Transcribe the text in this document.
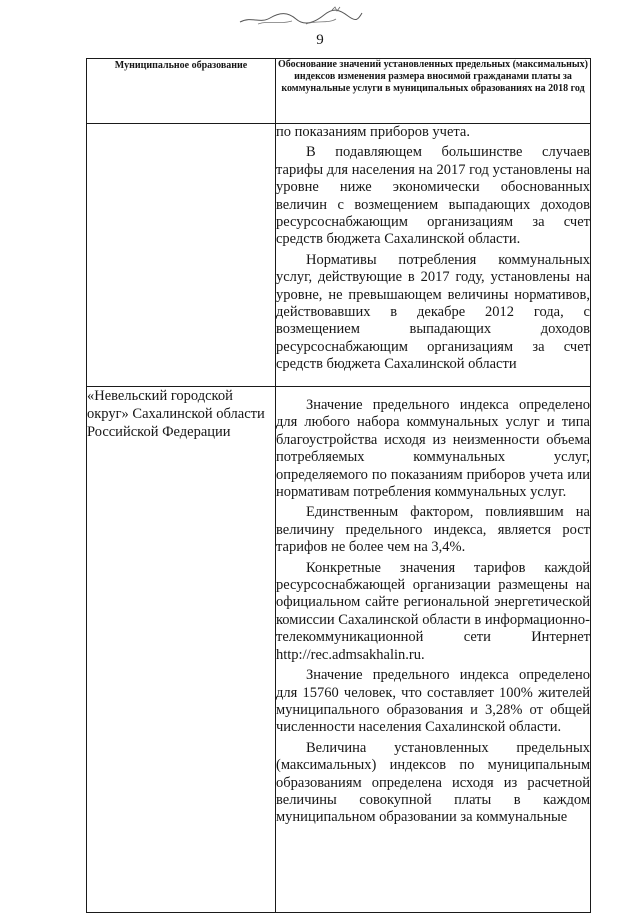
9
Муниципальное образование	Обоснование значений установленных предельных (максимальных) индексов изменения размера вносимой гражданами платы за коммунальные услуги в муниципальных образованиях на 2018 год

	по показаниям приборов учета.

В подавляющем большинстве случаев тарифы для населения на 2017 год установлены на уровне ниже экономически обоснованных величин с возмещением выпадающих доходов ресурсоснабжающим организациям за счет средств бюджета Сахалинской области.

Нормативы потребления коммунальных услуг, действующие в 2017 году, установлены на уровне, не превышающем величины нормативов, действовавших в декабре 2012 года, с возмещением выпадающих доходов ресурсоснабжающим организациям за счет средств бюджета Сахалинской области

«Невельский городской округ» Сахалинской области Российской Федерации	Значение предельного индекса определено для любого набора коммунальных услуг и типа благоустройства исходя из неизменности объема потребляемых коммунальных услуг, определяемого по показаниям приборов учета или нормативам потребления коммунальных услуг.

Единственным фактором, повлиявшим на величину предельного индекса, является рост тарифов не более чем на 3,4%.

Конкретные значения тарифов каждой ресурсоснабжающей организации размещены на официальном сайте региональной энергетической комиссии Сахалинской области в информационно-телекоммуникационной сети Интернет http://rec.admsakhalin.ru.

Значение предельного индекса определено для 15760 человек, что составляет 100% жителей муниципального образования и 3,28% от общей численности населения Сахалинской области.

Величина установленных предельных (максимальных) индексов по муниципальным образованиям определена исходя из расчетной величины совокупной платы в каждом муниципальном образовании за коммунальные
